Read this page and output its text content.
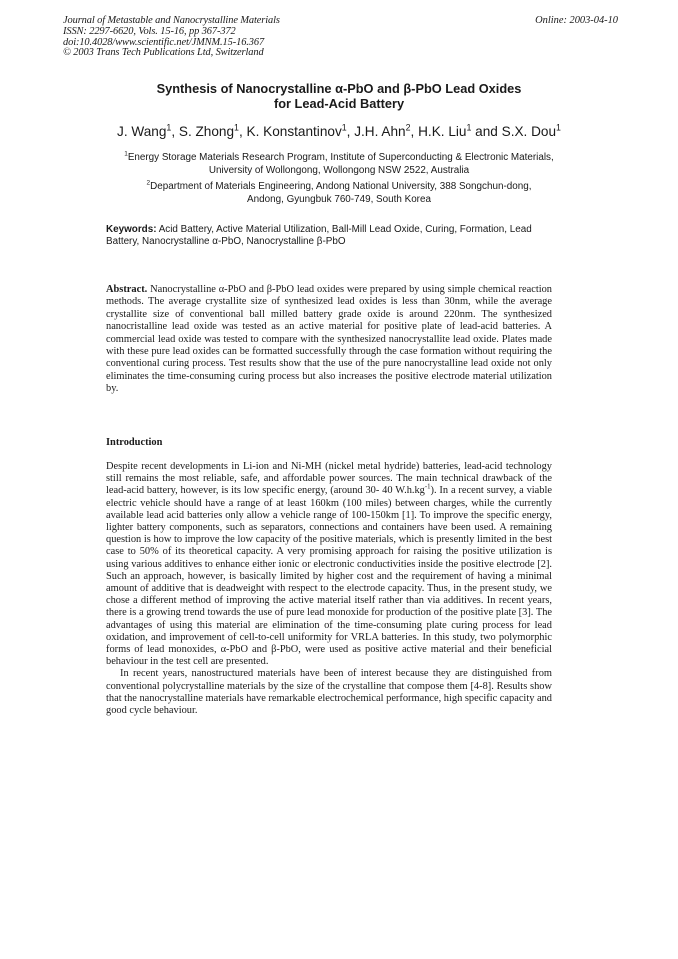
Journal of Metastable and Nanocrystalline Materials
ISSN: 2297-6620, Vols. 15-16, pp 367-372
doi:10.4028/www.scientific.net/JMNM.15-16.367
© 2003 Trans Tech Publications Ltd, Switzerland
Online: 2003-04-10
Synthesis of Nanocrystalline α-PbO and β-PbO Lead Oxides
for Lead-Acid Battery
J. Wang$^1$, S. Zhong$^1$, K. Konstantinov$^1$, J.H. Ahn$^2$, H.K. Liu$^1$ and S.X. Dou$^1$
$^1$Energy Storage Materials Research Program, Institute of Superconducting & Electronic Materials,
University of Wollongong, Wollongong NSW 2522, Australia
$^2$Department of Materials Engineering, Andong National University, 388 Songchun-dong,
Andong, Gyungbuk 760-749, South Korea
Keywords: Acid Battery, Active Material Utilization, Ball-Mill Lead Oxide, Curing, Formation, Lead Battery, Nanocrystalline α-PbO, Nanocrystalline β-PbO
Abstract. Nanocrystalline α-PbO and β-PbO lead oxides were prepared by using simple chemical reaction methods. The average crystallite size of synthesized lead oxides is less than 30nm, while the average crystallite size of conventional ball milled battery grade oxide is around 220nm. The synthesized nanocristalline lead oxide was tested as an active material for positive plate of lead-acid batteries. A commercial lead oxide was tested to compare with the synthesized nanocrystallite lead oxide. Plates made with these pure lead oxides can be formatted successfully through the case formation without requiring the conventional curing process. Test results show that the use of the pure nanocrystalline lead oxide not only eliminates the time-consuming curing process but also increases the positive electrode material utilization by.
Introduction

Despite recent developments in Li-ion and Ni-MH (nickel metal hydride) batteries, lead-acid technology still remains the most reliable, safe, and affordable power sources. The main technical drawback of the lead-acid battery, however, is its low specific energy, (around 30- 40 $W.h.kg^{-1}$). In a recent survey, a viable electric vehicle should have a range of at least 160km (100 miles) between charges, while the currently available lead acid batteries only allow a vehicle range of 100-150km [1]. To improve the specific energy, lighter battery components, such as separators, connections and containers have been used. A remaining question is how to improve the low capacity of the positive materials, which is presently limited in the best case to 50% of its theoretical capacity. A very promising approach for raising the positive utilization is using various additives to enhance either ionic or electronic conductivities inside the positive electrode [2]. Such an approach, however, is basically limited by higher cost and the requirement of having a minimal amount of additive that is deadweight with respect to the electrode capacity. Thus, in the present study, we chose a different method of improving the active material itself rather than via additives. In recent years, there is a growing trend towards the use of pure lead monoxide for production of the positive plate [3]. The advantages of using this material are elimination of the time-consuming plate curing process for lead oxidation, and improvement of cell-to-cell uniformity for VRLA batteries. In this study, two polymorphic forms of lead monoxides, α-PbO and β-PbO, were used as positive active material and their beneficial behaviour in the test cell are presented.

In recent years, nanostructured materials have been of interest because they are distinguished from conventional polycrystalline materials by the size of the crystalline that compose them [4-8]. Results show that the nanocrystalline materials have remarkable electrochemical performance, high specific capacity and good cycle behaviour.
